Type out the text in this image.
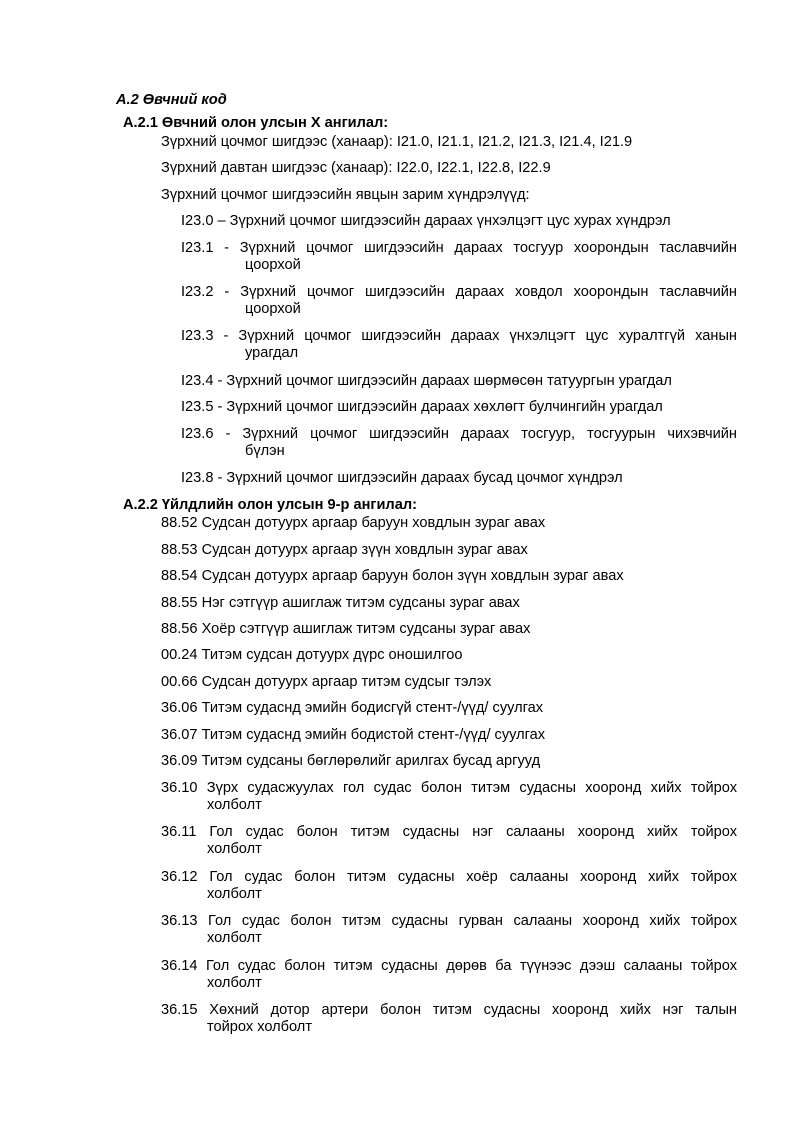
А.2 Өвчний код
А.2.1 Өвчний олон улсын Х ангилал:
Зүрхний цочмог шигдээс (ханаар): I21.0, I21.1, I21.2, I21.3, I21.4, I21.9
Зүрхний давтан шигдээс (ханаар): I22.0, I22.1, I22.8, I22.9
Зүрхний цочмог шигдээсийн явцын зарим хүндрэлүүд:
I23.0 – Зүрхний цочмог шигдээсийн дараах үнхэлцэгт цус хурах хүндрэл
I23.1 - Зүрхний цочмог шигдээсийн дараах тосгуур хоорондын таславчийн
цоорхой
I23.2 - Зүрхний цочмог шигдээсийн дараах ховдол хоорондын таславчийн
цоорхой
I23.3 - Зүрхний цочмог шигдээсийн дараах үнхэлцэгт цус хуралтгүй ханын
урагдал
I23.4 - Зүрхний цочмог шигдээсийн дараах шөрмөсөн татуургын урагдал
I23.5 - Зүрхний цочмог шигдээсийн дараах хөхлөгт булчингийн урагдал
I23.6 - Зүрхний цочмог шигдээсийн дараах тосгуур, тосгуурын чихэвчийн
бүлэн
I23.8 - Зүрхний цочмог шигдээсийн дараах бусад цочмог хүндрэл
А.2.2 Үйлдлийн олон улсын 9-р ангилал:
88.52 Судсан дотуурх аргаар баруун ховдлын зураг авах
88.53 Судсан дотуурх аргаар зүүн ховдлын зураг авах
88.54 Судсан дотуурх аргаар баруун болон зүүн ховдлын зураг авах
88.55 Нэг сэтгүүр ашиглаж титэм судсаны зураг авах
88.56 Хоёр сэтгүүр ашиглаж титэм судсаны зураг авах
00.24 Титэм судсан дотуурх дүрс оношилгоо
00.66 Судсан дотуурх аргаар титэм судсыг тэлэх
36.06 Титэм судаснд эмийн бодисгүй стент-/үүд/ суулгах
36.07 Титэм судаснд эмийн бодистой стент-/үүд/ суулгах
36.09 Титэм судсаны бөглөрөлийг арилгах бусад аргууд
36.10 Зүрх судасжуулах гол судас болон титэм судасны хооронд хийх тойрох
холболт
36.11 Гол судас болон титэм судасны нэг салааны хооронд хийх тойрох
холболт
36.12 Гол судас болон титэм судасны хоёр салааны хооронд хийх тойрох
холболт
36.13 Гол судас болон титэм судасны гурван салааны хооронд хийх тойрох
холболт
36.14 Гол судас болон титэм судасны дөрөв ба түүнээс дээш салааны тойрох
холболт
36.15 Хөхний дотор артери болон титэм судасны хооронд хийх нэг талын
тойрох холболт
